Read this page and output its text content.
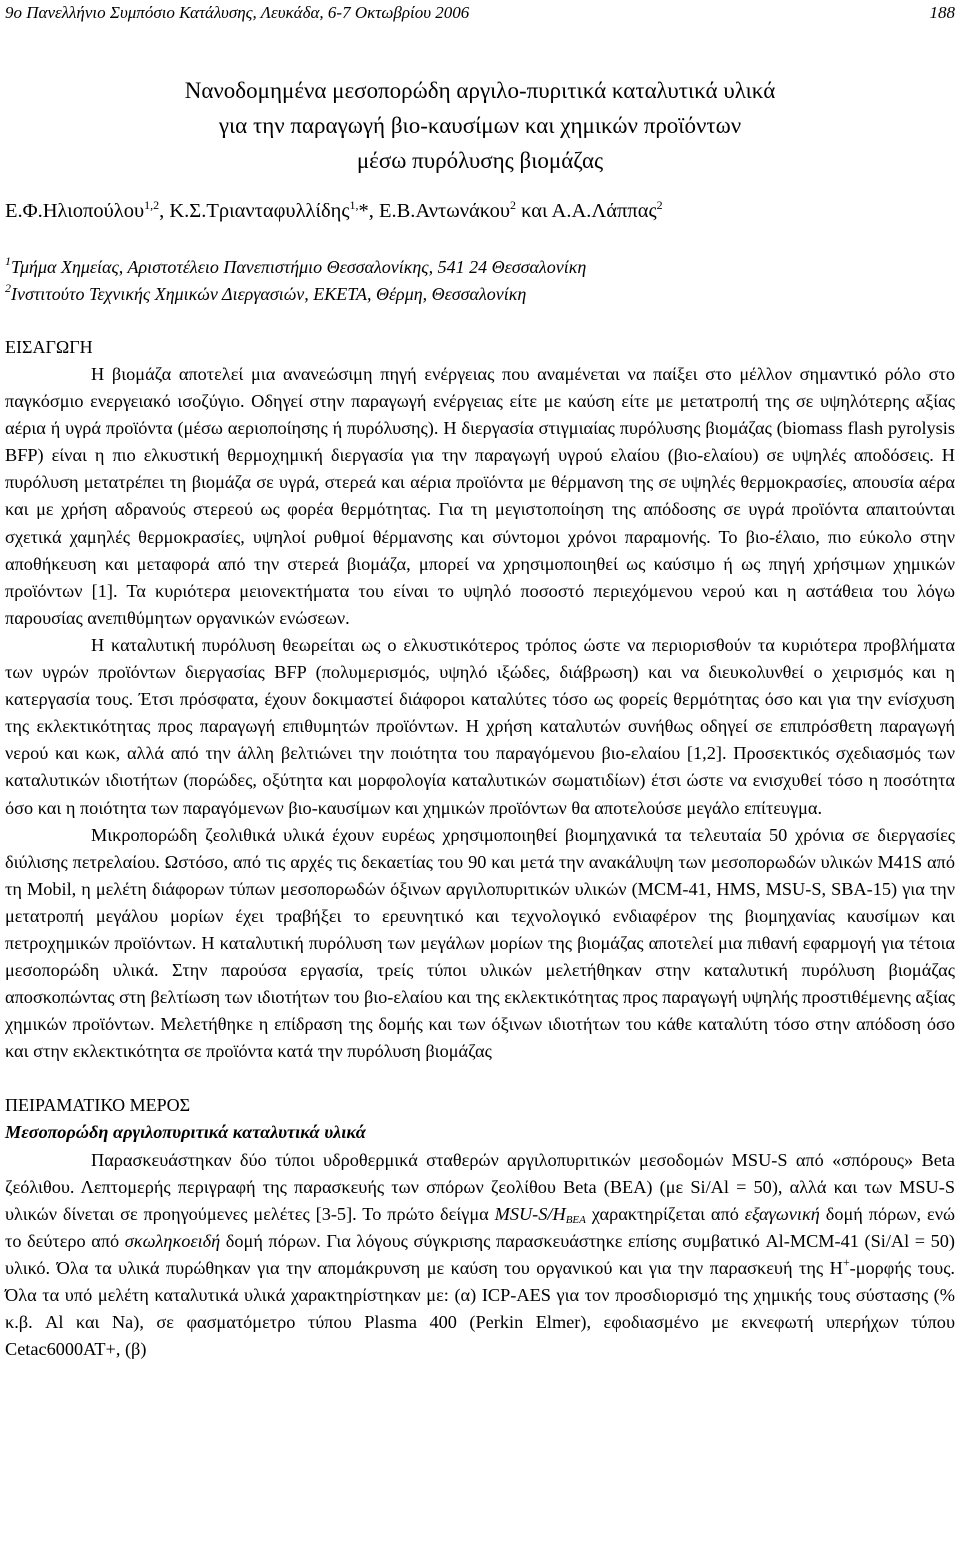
9ο Πανελλήνιο Συμπόσιο Κατάλυσης, Λευκάδα, 6-7 Οκτωβρίου 2006	188
Νανοδομημένα μεσοπορώδη αργιλο-πυριτικά καταλυτικά υλικά
για την παραγωγή βιο-καυσίμων και χημικών προϊόντων
μέσω πυρόλυσης βιομάζας
Ε.Φ.Ηλιοπούλου$^{1,2}$, Κ.Σ.Τριανταφυλλίδης$^{1,}$*, Ε.Β.Αντωνάκου$^2$ και Α.Α.Λάππας$^2$
$^1$Τμήμα Χημείας, Αριστοτέλειο Πανεπιστήμιο Θεσσαλονίκης, 541 24 Θεσσαλονίκη
$^2$Ινστιτούτο Τεχνικής Χημικών Διεργασιών, ΕΚΕΤΑ, Θέρμη, Θεσσαλονίκη
ΕΙΣΑΓΩΓΗ

Η βιομάζα αποτελεί μια ανανεώσιμη πηγή ενέργειας που αναμένεται να παίξει στο μέλλον σημαντικό ρόλο στο παγκόσμιο ενεργειακό ισοζύγιο. Οδηγεί στην παραγωγή ενέργειας είτε με καύση είτε με μετατροπή της σε υψηλότερης αξίας αέρια ή υγρά προϊόντα (μέσω αεριοποίησης ή πυρόλυσης). Η διεργασία στιγμιαίας πυρόλυσης βιομάζας (biomass flash pyrolysis BFP) είναι η πιο ελκυστική θερμοχημική διεργασία για την παραγωγή υγρού ελαίου (βιο-ελαίου) σε υψηλές αποδόσεις. Η πυρόλυση μετατρέπει τη βιομάζα σε υγρά, στερεά και αέρια προϊόντα με θέρμανση της σε υψηλές θερμοκρασίες, απουσία αέρα και με χρήση αδρανούς στερεού ως φορέα θερμότητας. Για τη μεγιστοποίηση της απόδοσης σε υγρά προϊόντα απαιτούνται σχετικά χαμηλές θερμοκρασίες, υψηλοί ρυθμοί θέρμανσης και σύντομοι χρόνοι παραμονής. Το βιο-έλαιο, πιο εύκολο στην αποθήκευση και μεταφορά από την στερεά βιομάζα, μπορεί να χρησιμοποιηθεί ως καύσιμο ή ως πηγή χρήσιμων χημικών προϊόντων [1]. Τα κυριότερα μειονεκτήματα του είναι το υψηλό ποσοστό περιεχόμενου νερού και η αστάθεια του λόγω παρουσίας ανεπιθύμητων οργανικών ενώσεων.

Η καταλυτική πυρόλυση θεωρείται ως ο ελκυστικότερος τρόπος ώστε να περιορισθούν τα κυριότερα προβλήματα των υγρών προϊόντων διεργασίας BFP (πολυμερισμός, υψηλό ιξώδες, διάβρωση) και να διευκολυνθεί ο χειρισμός και η κατεργασία τους. Έτσι πρόσφατα, έχουν δοκιμαστεί διάφοροι καταλύτες τόσο ως φορείς θερμότητας όσο και για την ενίσχυση της εκλεκτικότητας προς παραγωγή επιθυμητών προϊόντων. Η χρήση καταλυτών συνήθως οδηγεί σε επιπρόσθετη παραγωγή νερού και κωκ, αλλά από την άλλη βελτιώνει την ποιότητα του παραγόμενου βιο-ελαίου [1,2]. Προσεκτικός σχεδιασμός των καταλυτικών ιδιοτήτων (πορώδες, οξύτητα και μορφολογία καταλυτικών σωματιδίων) έτσι ώστε να ενισχυθεί τόσο η ποσότητα όσο και η ποιότητα των παραγόμενων βιο-καυσίμων και χημικών προϊόντων θα αποτελούσε μεγάλο επίτευγμα.

Μικροπορώδη ζεολιθικά υλικά έχουν ευρέως χρησιμοποιηθεί βιομηχανικά τα τελευταία 50 χρόνια σε διεργασίες διύλισης πετρελαίου. Ωστόσο, από τις αρχές τις δεκαετίας του 90 και μετά την ανακάλυψη των μεσοπορωδών υλικών M41S από τη Mobil, η μελέτη διάφορων τύπων μεσοπορωδών όξινων αργιλοπυριτικών υλικών (MCM-41, HMS, MSU-S, SBA-15) για την μετατροπή μεγάλου μορίων έχει τραβήξει το ερευνητικό και τεχνολογικό ενδιαφέρον της βιομηχανίας καυσίμων και πετροχημικών προϊόντων. Η καταλυτική πυρόλυση των μεγάλων μορίων της βιομάζας αποτελεί μια πιθανή εφαρμογή για τέτοια μεσοπορώδη υλικά. Στην παρούσα εργασία, τρείς τύποι υλικών μελετήθηκαν στην καταλυτική πυρόλυση βιομάζας αποσκοπώντας στη βελτίωση των ιδιοτήτων του βιο-ελαίου και της εκλεκτικότητας προς παραγωγή υψηλής προστιθέμενης αξίας χημικών προϊόντων. Μελετήθηκε η επίδραση της δομής και των όξινων ιδιοτήτων του κάθε καταλύτη τόσο στην απόδοση όσο και στην εκλεκτικότητα σε προϊόντα κατά την πυρόλυση βιομάζας

ΠΕΙΡΑΜΑΤΙΚΟ ΜΕΡΟΣ
Μεσοπορώδη αργιλοπυριτικά καταλυτικά υλικά

Παρασκευάστηκαν δύο τύποι υδροθερμικά σταθερών αργιλοπυριτικών μεσοδομών MSU-S από «σπόρους» Beta ζεόλιθου. Λεπτομερής περιγραφή της παρασκευής των σπόρων ζεολίθου Beta (BEA) (με Si/Al = 50), αλλά και των MSU-S υλικών δίνεται σε προηγούμενες μελέτες [3-5]. Το πρώτο δείγμα MSU-$S/H_{BEA}$ χαρακτηρίζεται από εξαγωνική δομή πόρων, ενώ το δεύτερο από σκωληκοειδή δομή πόρων. Για λόγους σύγκρισης παρασκευάστηκε επίσης συμβατικό Al-MCM-41 (Si/Al = 50) υλικό. Όλα τα υλικά πυρώθηκαν για την απομάκρυνση με καύση του οργανικού και για την παρασκευή της Η+-μορφής τους. Όλα τα υπό μελέτη καταλυτικά υλικά χαρακτηρίστηκαν με: (α) ICP-AES για τον προσδιορισμό της χημικής τους σύστασης (% κ.β. Al και Na), σε φασματόμετρο τύπου Plasma 400 (Perkin Elmer), εφοδιασμένο με εκνεφωτή υπερήχων τύπου Cetac6000AT+, (β)
